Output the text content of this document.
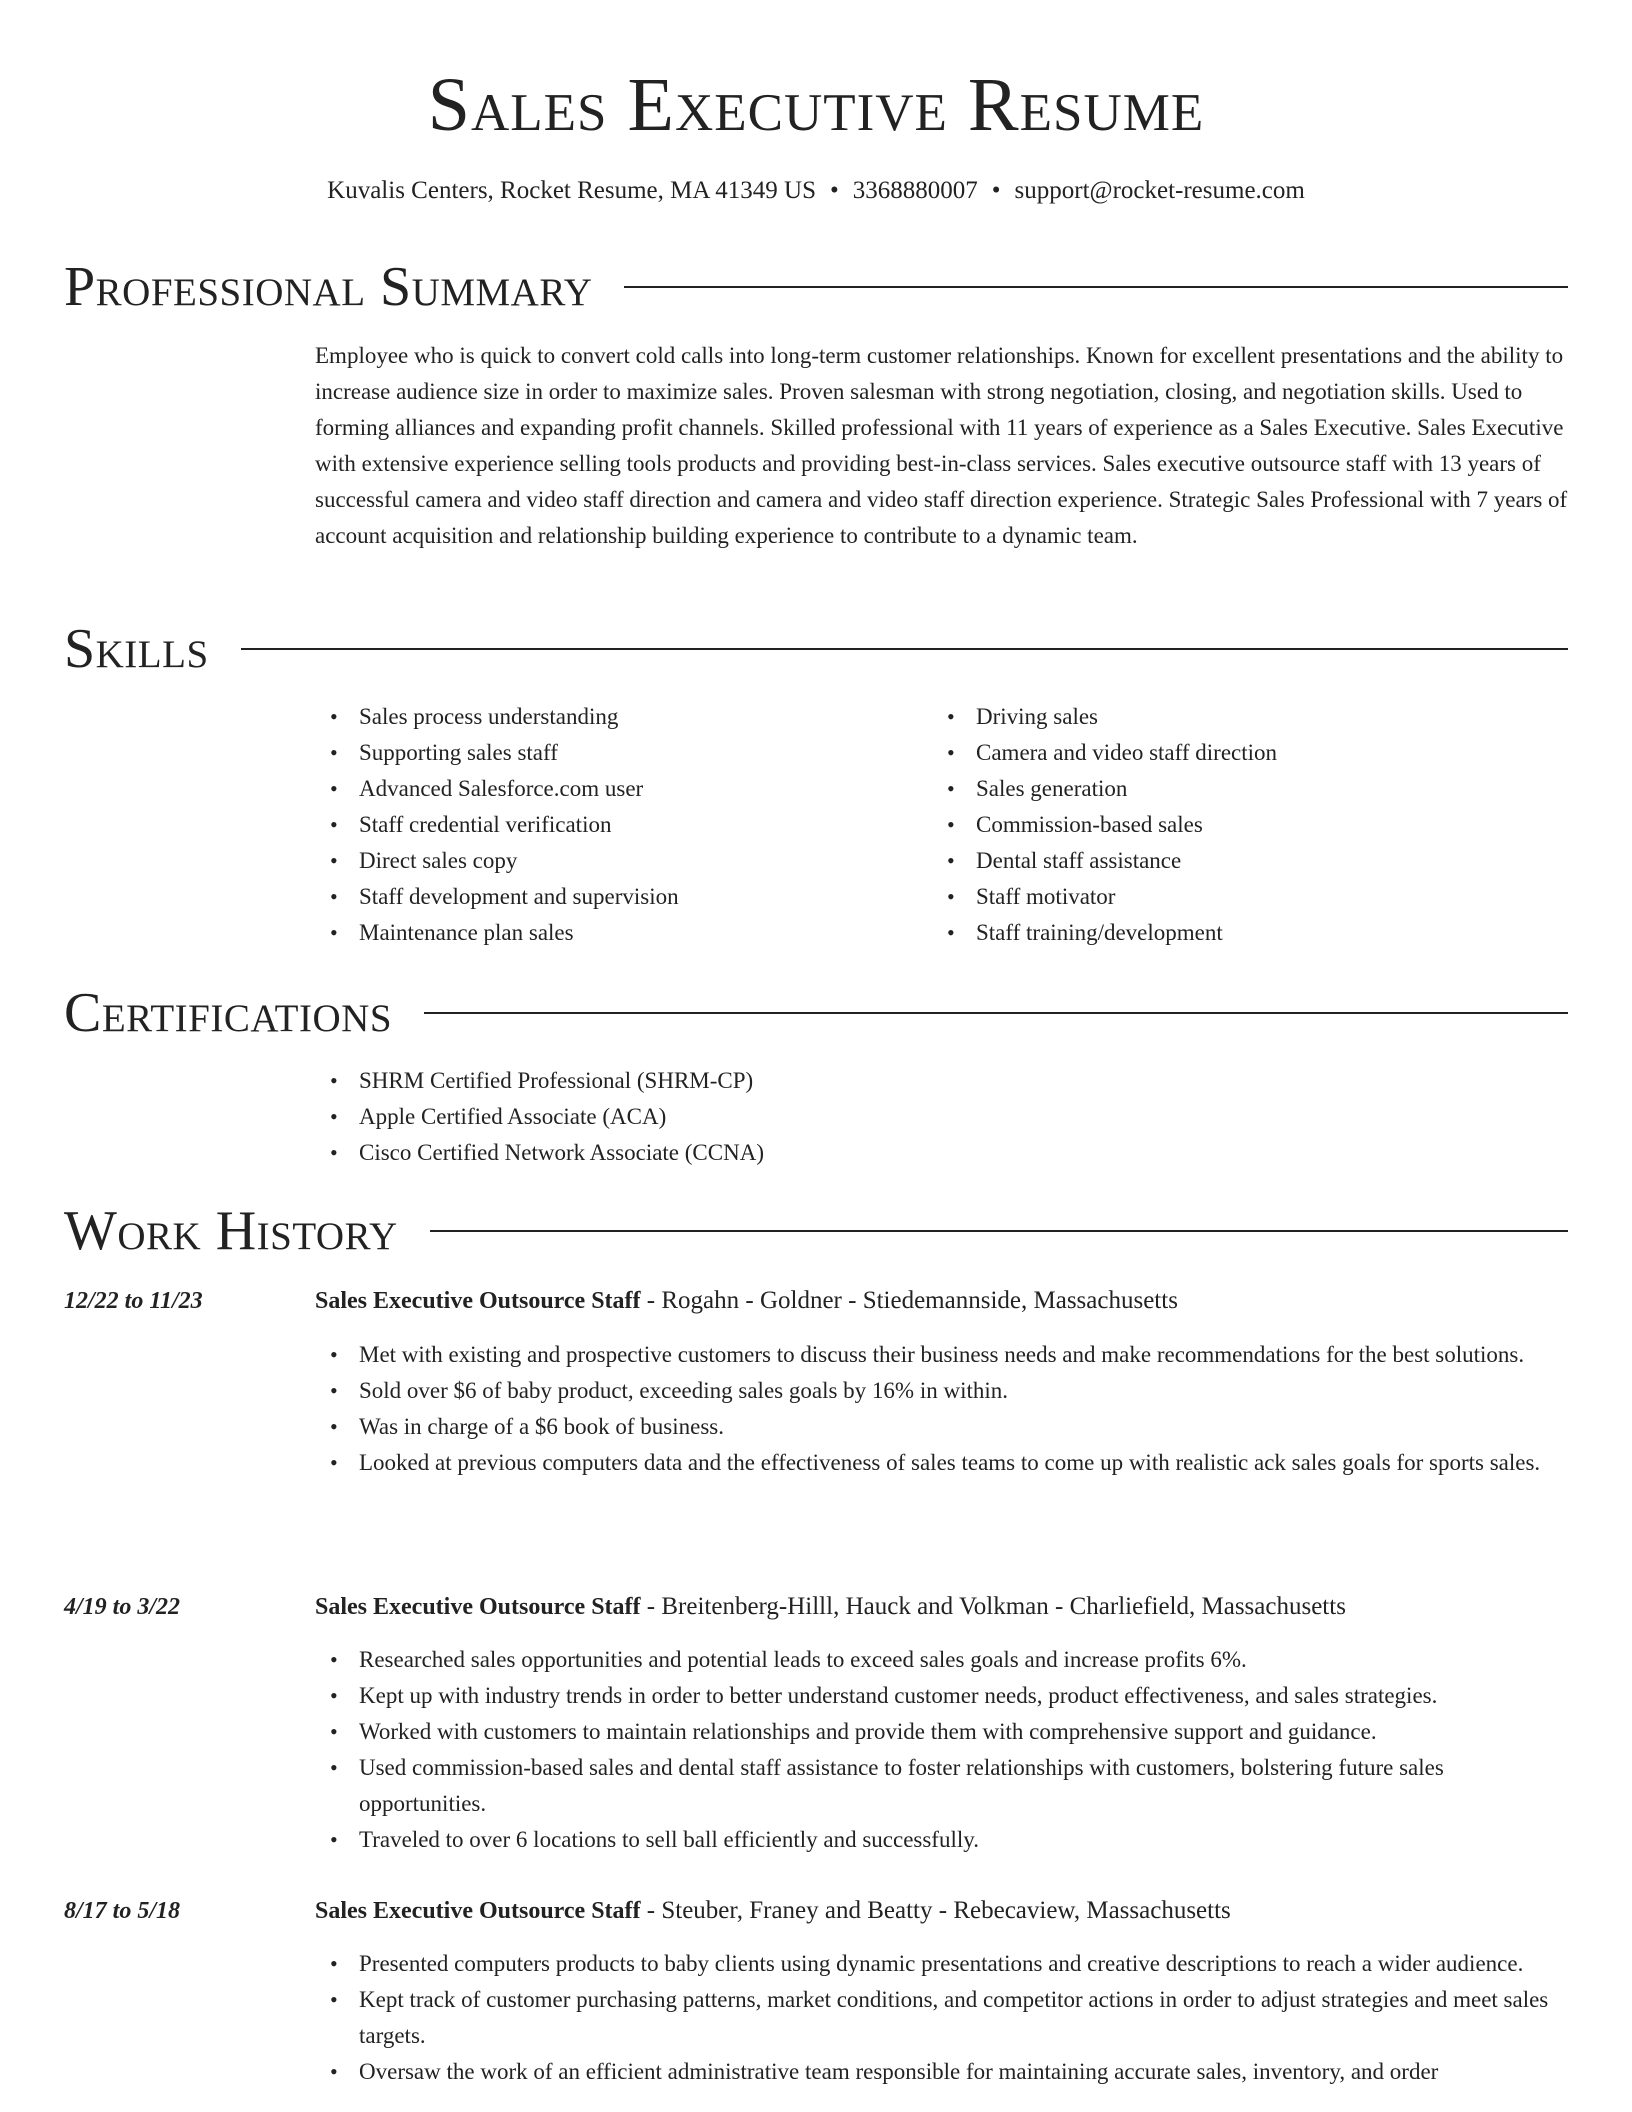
Sales Executive Resume
Kuvalis Centers, Rocket Resume, MA 41349 US • 3368880007 • support@rocket-resume.com
Professional Summary

Employee who is quick to convert cold calls into long-term customer relationships. Known for excellent presentations and the ability to increase audience size in order to maximize sales. Proven salesman with strong negotiation, closing, and negotiation skills. Used to forming alliances and expanding profit channels. Skilled professional with 11 years of experience as a Sales Executive. Sales Executive with extensive experience selling tools products and providing best-in-class services. Sales executive outsource staff with 13 years of successful camera and video staff direction and camera and video staff direction experience. Strategic Sales Professional with 7 years of account acquisition and relationship building experience to contribute to a dynamic team.

Skills
• Sales process understanding
• Supporting sales staff
• Advanced Salesforce.com user
• Staff credential verification
• Direct sales copy
• Staff development and supervision
• Maintenance plan sales
• Driving sales
• Camera and video staff direction
• Sales generation
• Commission-based sales
• Dental staff assistance
• Staff motivator
• Staff training/development
Certifications
• SHRM Certified Professional (SHRM-CP)
• Apple Certified Associate (ACA)
• Cisco Certified Network Associate (CCNA)
Work History
12/22 to 11/23	Sales Executive Outsource Staff - Rogahn - Goldner - Stiedemannside, Massachusetts
• Met with existing and prospective customers to discuss their business needs and make recommendations for the best solutions.
• Sold over $6 of baby product, exceeding sales goals by 16% in within.
• Was in charge of a $6 book of business.
• Looked at previous computers data and the effectiveness of sales teams to come up with realistic ack sales goals for sports sales.
4/19 to 3/22	Sales Executive Outsource Staff - Breitenberg-Hilll, Hauck and Volkman - Charliefield, Massachusetts
• Researched sales opportunities and potential leads to exceed sales goals and increase profits 6%.
• Kept up with industry trends in order to better understand customer needs, product effectiveness, and sales strategies.
• Worked with customers to maintain relationships and provide them with comprehensive support and guidance.
• Used commission-based sales and dental staff assistance to foster relationships with customers, bolstering future sales opportunities.
• Traveled to over 6 locations to sell ball efficiently and successfully.
8/17 to 5/18	Sales Executive Outsource Staff - Steuber, Franey and Beatty - Rebecaview, Massachusetts
• Presented computers products to baby clients using dynamic presentations and creative descriptions to reach a wider audience.
• Kept track of customer purchasing patterns, market conditions, and competitor actions in order to adjust strategies and meet sales targets.
• Oversaw the work of an efficient administrative team responsible for maintaining accurate sales, inventory, and order
